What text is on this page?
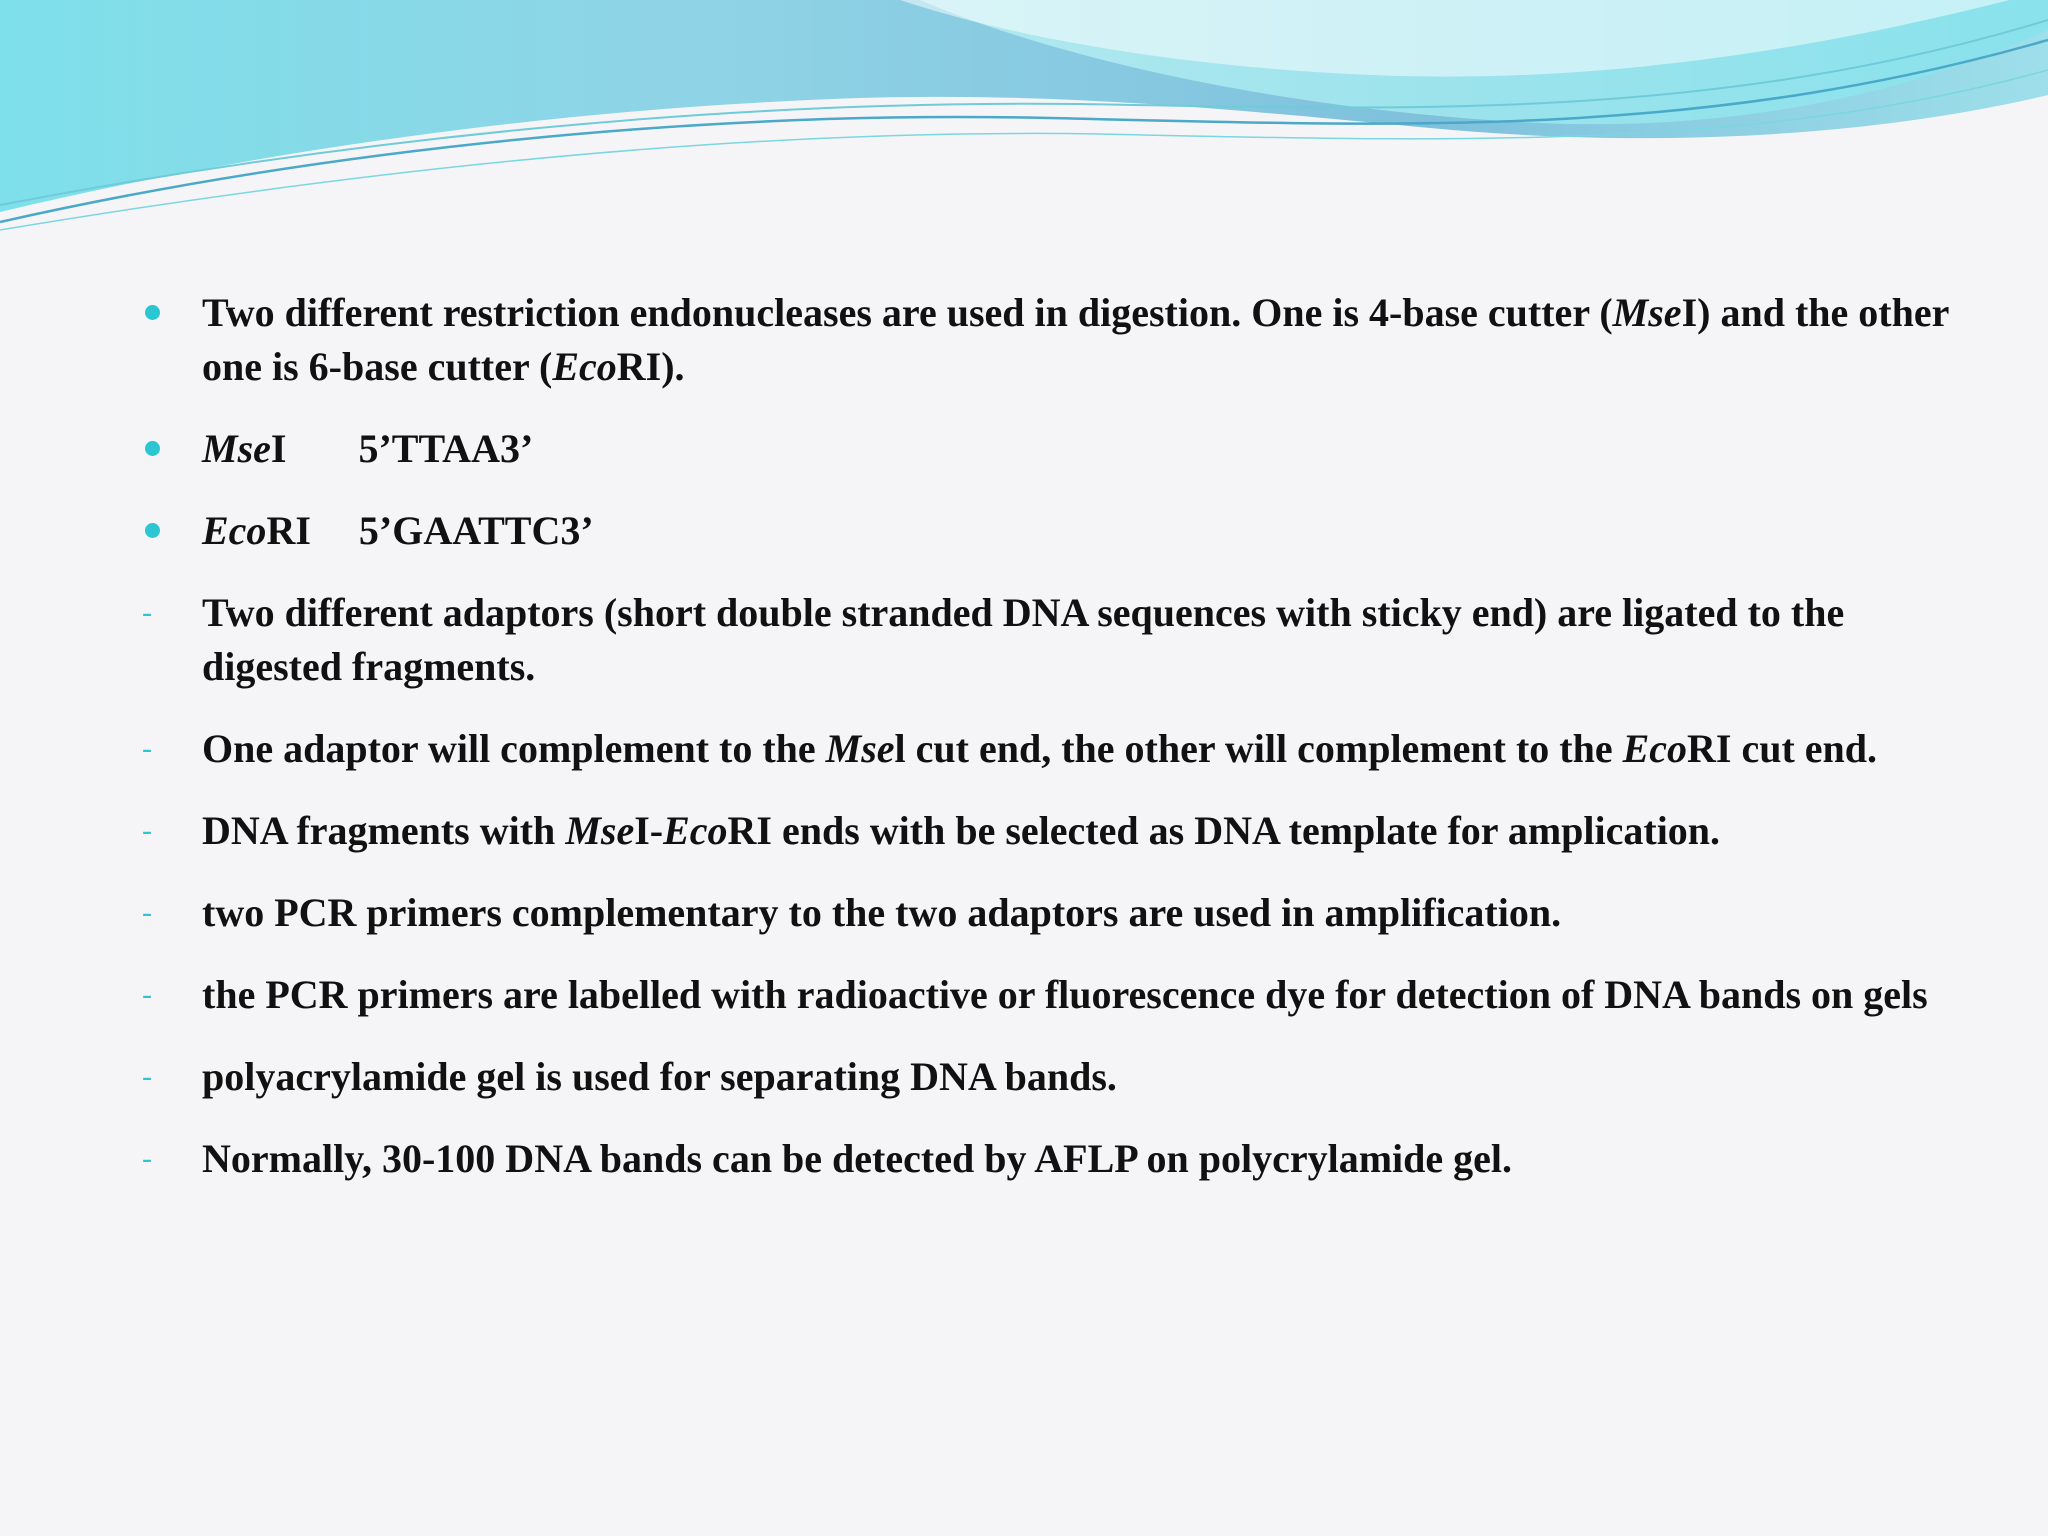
Two different restriction endonucleases are used in digestion. One is 4-base cutter (MseI) and the other one is 6-base cutter (EcoRI).
MseI 5’TTAA3’
EcoRI 5’GAATTC3’
- Two different adaptors (short double stranded DNA sequences with sticky end) are ligated to the digested fragments.
- One adaptor will complement to the Msel cut end, the other will complement to the EcoRI cut end.
- DNA fragments with MseI-EcoRI ends with be selected as DNA template for amplication.
- two PCR primers complementary to the two adaptors are used in amplification.
- the PCR primers are labelled with radioactive or fluorescence dye for detection of DNA bands on gels
- polyacrylamide gel is used for separating DNA bands.
- Normally, 30-100 DNA bands can be detected by AFLP on polycrylamide gel.
